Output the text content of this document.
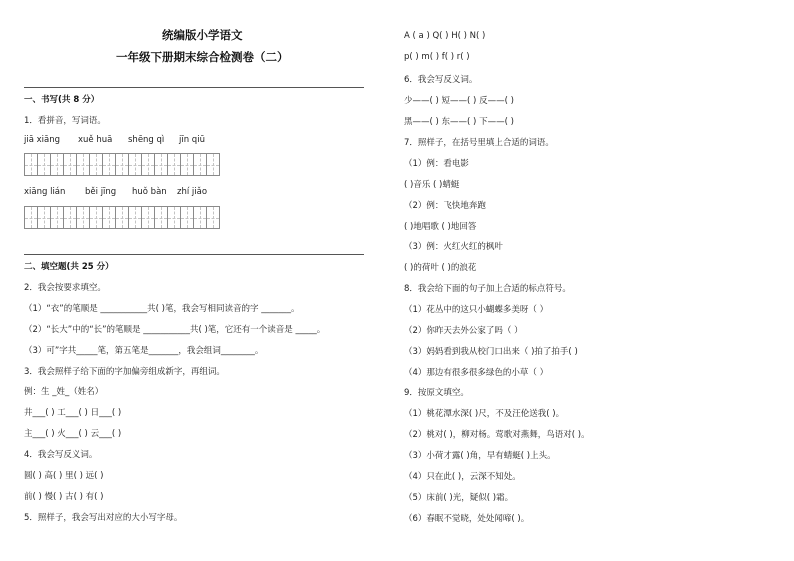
统编版小学语文
一年级下册期末综合检测卷（二）
一、书写(共 8 分）
1．看拼音，写词语。
jiā xiāng xuě huā shēng qì jīn qiū
xiāng lián běi jīng huǒ bàn zhí jiǎo
二、填空题(共 25 分）
2．我会按要求填空。
（1）“衣”的笔顺是 ___________共( )笔，我会写相同读音的字 _______。
（2）“长大”中的“长”的笔顺是 ___________共( )笔，它还有一个读音是 _____。
（3）可”字共_____笔，第五笔是_______，我会组词________。
3．我会照样子给下面的字加偏旁组成新字，再组词。
例：生 _姓_（姓名）
井___( ) 工___( ) 日___( )
主___( ) 火___( ) 云___( )
4．我会写反义词。
圆( ) 高( ) 里( ) 远( )
前( ) 慢( ) 古( ) 有( )
5．照样子，我会写出对应的大小写字母。
A ( a ) Q( ) H( ) N( )
p( ) m( ) f( ) r( )
6．我会写反义词。
少——( ) 短——( ) 反——( )
黑——( ) 东——( ) 下——( )
7．照样子，在括号里填上合适的词语。
（1）例：看电影
( )音乐 ( )蜻蜓
（2）例：飞快地奔跑
( )地唱歌 ( )地回答
（3）例：火红火红的枫叶
( )的荷叶 ( )的浪花
8．我会给下面的句子加上合适的标点符号。
（1）花丛中的这只小蝴蝶多美呀（ ）
（2）你昨天去外公家了吗（ ）
（3）妈妈看到我从校门口出来（ )拍了拍手( )
（4）那边有很多很多绿色的小草（ ）
9．按原文填空。
（1）桃花潭水深( )尺，不及汪伦送我( )。
（2）桃对( )，柳对杨。莺歌对燕舞，鸟语对( )。
（3）小荷才露( )角，早有蜻蜓( )上头。
（4）只在此( )，云深不知处。
（5）床前( )光，疑似( )霜。
（6）春眠不觉晓，处处闻啼( )。
